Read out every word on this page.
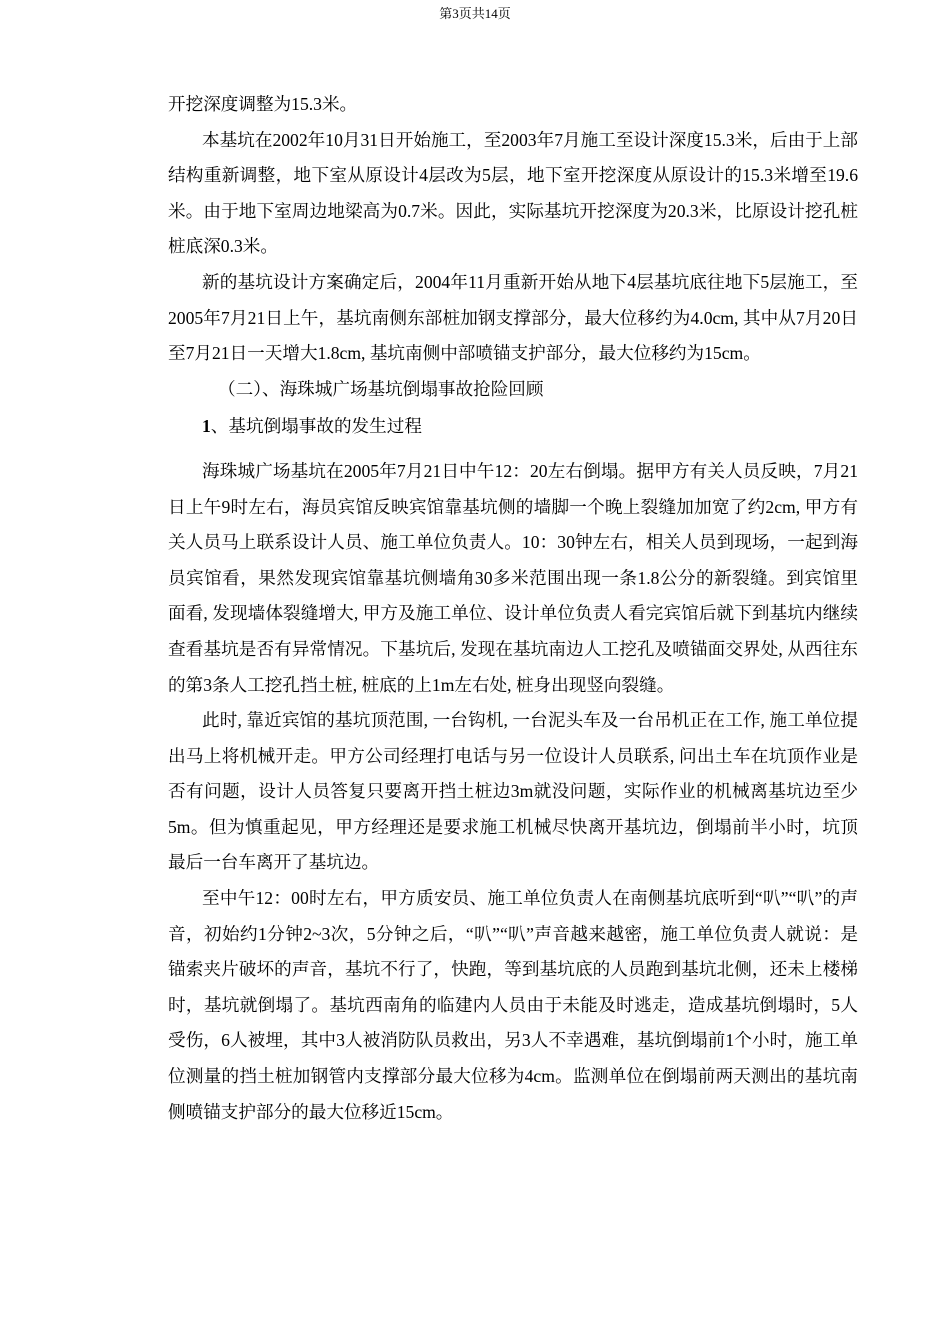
第3页共14页

开挖深度调整为15.3米。

本基坑在2002年10月31日开始施工，至2003年7月施工至设计深度15.3米，后由于上部结构重新调整，地下室从原设计4层改为5层，地下室开挖深度从原设计的15.3米增至19.6米。由于地下室周边地梁高为0.7米。因此，实际基坑开挖深度为20.3米，比原设计挖孔桩桩底深0.3米。

新的基坑设计方案确定后，2004年11月重新开始从地下4层基坑底往地下5层施工，至2005年7月21日上午，基坑南侧东部桩加钢支撑部分，最大位移约为4.0cm, 其中从7月20日至7月21日一天增大1.8cm, 基坑南侧中部喷锚支护部分，最大位移约为15cm。

（二）、海珠城广场基坑倒塌事故抢险回顾

1、基坑倒塌事故的发生过程

海珠城广场基坑在2005年7月21日中午12：20左右倒塌。据甲方有关人员反映，7月21日上午9时左右，海员宾馆反映宾馆靠基坑侧的墙脚一个晚上裂缝加加宽了约2cm, 甲方有关人员马上联系设计人员、施工单位负责人。10：30钟左右，相关人员到现场，一起到海员宾馆看，果然发现宾馆靠基坑侧墙角30多米范围出现一条1.8公分的新裂缝。到宾馆里面看, 发现墙体裂缝增大, 甲方及施工单位、设计单位负责人看完宾馆后就下到基坑内继续查看基坑是否有异常情况。下基坑后, 发现在基坑南边人工挖孔及喷锚面交界处, 从西往东的第3条人工挖孔挡土桩, 桩底的上1m左右处, 桩身出现竖向裂缝。

此时, 靠近宾馆的基坑顶范围, 一台钩机, 一台泥头车及一台吊机正在工作, 施工单位提出马上将机械开走。甲方公司经理打电话与另一位设计人员联系, 问出土车在坑顶作业是否有问题，设计人员答复只要离开挡土桩边3m就没问题，实际作业的机械离基坑边至少5m。但为慎重起见，甲方经理还是要求施工机械尽快离开基坑边，倒塌前半小时，坑顶最后一台车离开了基坑边。

至中午12：00时左右，甲方质安员、施工单位负责人在南侧基坑底听到“叭”“叭”的声音，初始约1分钟2~3次，5分钟之后，“叭”“叭”声音越来越密，施工单位负责人就说：是锚索夹片破坏的声音，基坑不行了，快跑，等到基坑底的人员跑到基坑北侧，还未上楼梯时，基坑就倒塌了。基坑西南角的临建内人员由于未能及时逃走，造成基坑倒塌时，5人受伤，6人被埋，其中3人被消防队员救出，另3人不幸遇难，基坑倒塌前1个小时，施工单位测量的挡土桩加钢管内支撑部分最大位移为4cm。监测单位在倒塌前两天测出的基坑南侧喷锚支护部分的最大位移近15cm。
